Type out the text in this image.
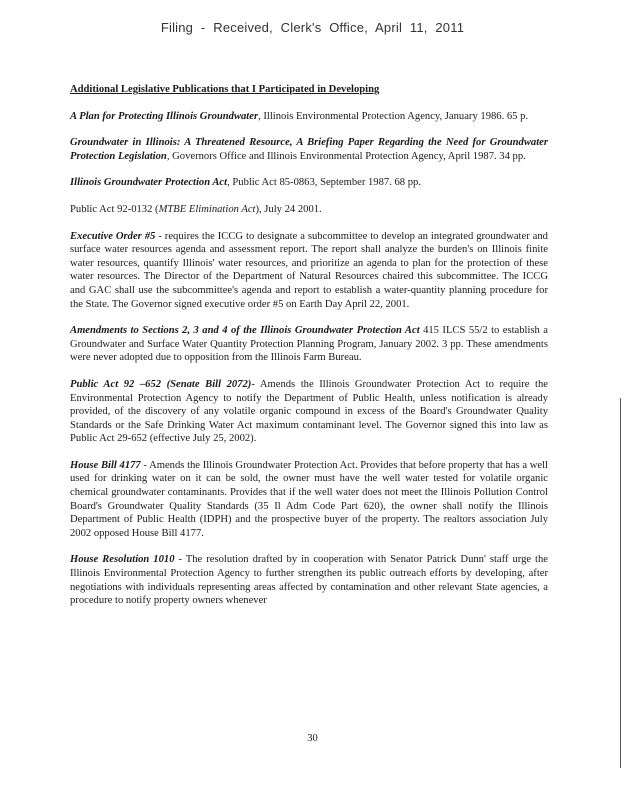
Filing - Received, Clerk's Office, April 11, 2011
Additional Legislative Publications that I Participated in Developing

A Plan for Protecting Illinois Groundwater, Illinois Environmental Protection Agency, January 1986. 65 p.

Groundwater in Illinois: A Threatened Resource, A Briefing Paper Regarding the Need for Groundwater Protection Legislation, Governors Office and Illinois Environmental Protection Agency, April 1987. 34 pp.

Illinois Groundwater Protection Act, Public Act 85-0863, September 1987. 68 pp.

Public Act 92-0132 (MTBE Elimination Act), July 24 2001.

Executive Order #5 - requires the ICCG to designate a subcommittee to develop an integrated groundwater and surface water resources agenda and assessment report. The report shall analyze the burden's on Illinois finite water resources, quantify Illinois' water resources, and prioritize an agenda to plan for the protection of these water resources. The Director of the Department of Natural Resources chaired this subcommittee. The ICCG and GAC shall use the subcommittee's agenda and report to establish a water-quantity planning procedure for the State. The Governor signed executive order #5 on Earth Day April 22, 2001.

Amendments to Sections 2, 3 and 4 of the Illinois Groundwater Protection Act 415 ILCS 55/2 to establish a Groundwater and Surface Water Quantity Protection Planning Program, January 2002. 3 pp. These amendments were never adopted due to opposition from the Illinois Farm Bureau.

Public Act 92 –652 (Senate Bill 2072)- Amends the Illinois Groundwater Protection Act to require the Environmental Protection Agency to notify the Department of Public Health, unless notification is already provided, of the discovery of any volatile organic compound in excess of the Board's Groundwater Quality Standards or the Safe Drinking Water Act maximum contaminant level. The Governor signed this into law as Public Act 29-652 (effective July 25, 2002).

House Bill 4177 - Amends the Illinois Groundwater Protection Act. Provides that before property that has a well used for drinking water on it can be sold, the owner must have the well water tested for volatile organic chemical groundwater contaminants. Provides that if the well water does not meet the Illinois Pollution Control Board's Groundwater Quality Standards (35 Il Adm Code Part 620), the owner shall notify the Illinois Department of Public Health (IDPH) and the prospective buyer of the property. The realtors association July 2002 opposed House Bill 4177.

House Resolution 1010 - The resolution drafted by in cooperation with Senator Patrick Dunn' staff urge the Illinois Environmental Protection Agency to further strengthen its public outreach efforts by developing, after negotiations with individuals representing areas affected by contamination and other relevant State agencies, a procedure to notify property owners whenever

30
